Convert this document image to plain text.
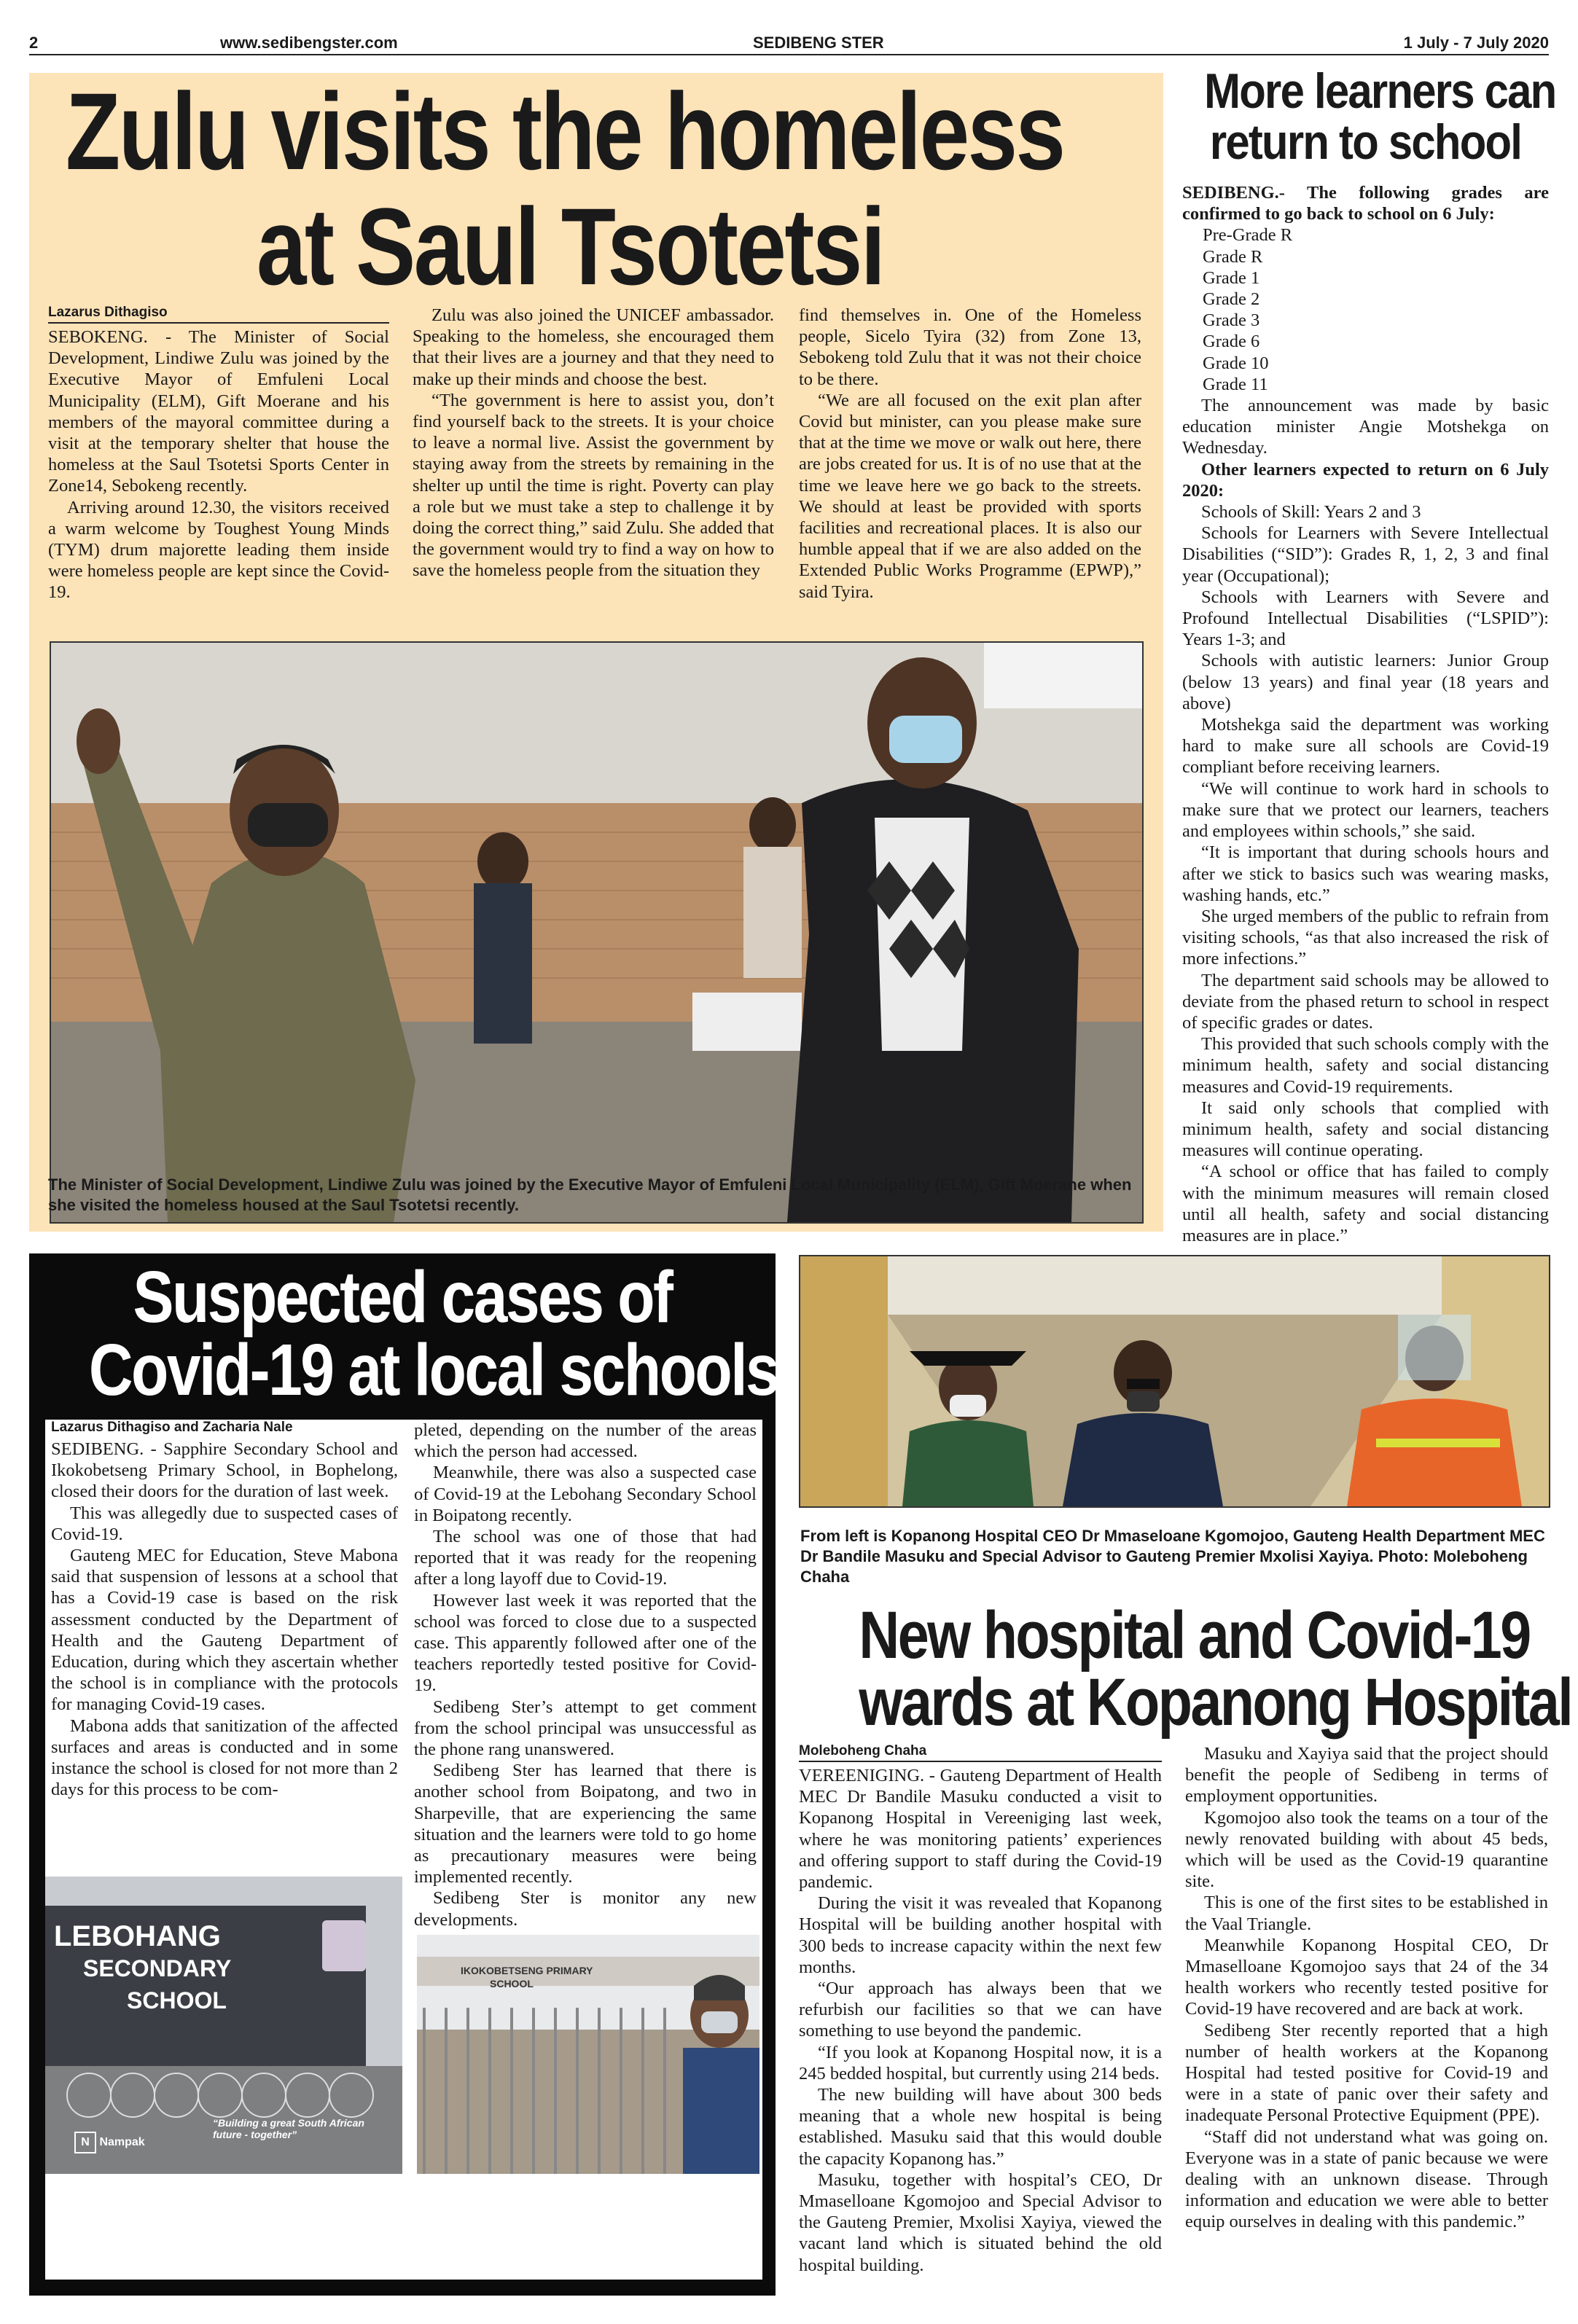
2	www.sedibengster.com	SEDIBENG STER	1 July - 7 July 2020
Zulu visits the homeless
at Saul Tsotetsi
Lazarus Dithagiso

SEBOKENG. - The Minister of Social Development, Lindiwe Zulu was joined by the Executive Mayor of Emfuleni Local Municipality (ELM), Gift Moerane and his members of the mayoral committee during a visit at the temporary shelter that house the homeless at the Saul Tsotetsi Sports Center in Zone14, Sebokeng recently.

Arriving around 12.30, the visitors received a warm welcome by Toughest Young Minds (TYM) drum majorette leading them inside were homeless people are kept since the Covid-19.

Zulu was also joined the UNICEF ambassador. Speaking to the homeless, she encouraged them that their lives are a journey and that they need to make up their minds and choose the best.

“The government is here to assist you, don’t find yourself back to the streets. It is your choice to leave a normal live. Assist the government by staying away from the streets by remaining in the shelter up until the time is right. Poverty can play a role but we must take a step to challenge it by doing the correct thing,” said Zulu. She added that the government would try to find a way on how to save the homeless people from the situation they

find themselves in. One of the Homeless people, Sicelo Tyira (32) from Zone 13, Sebokeng told Zulu that it was not their choice to be there.

“We are all focused on the exit plan after Covid but minister, can you please make sure that at the time we move or walk out here, there are jobs created for us. It is of no use that at the time we leave here we go back to the streets. We should at least be provided with sports facilities and recreational places. It is also our humble appeal that if we are also added on the Extended Public Works Programme (EPWP),” said Tyira.

The Minister of Social Development, Lindiwe Zulu was joined by the Executive Mayor of Emfuleni Local Municipality (ELM), Gift Moerane when she visited the homeless housed at the Saul Tsotetsi recently.
More learners can
return to school

SEDIBENG.- The following grades are confirmed to go back to school on 6 July:

Pre-Grade R
Grade R
Grade 1
Grade 2
Grade 3
Grade 6
Grade 10
Grade 11

The announcement was made by basic education minister Angie Motshekga on Wednesday.

Other learners expected to return on 6 July 2020:

Schools of Skill: Years 2 and 3

Schools for Learners with Severe Intellectual Disabilities (“SID”): Grades R, 1, 2, 3 and final year (Occupational);

Schools with Learners with Severe and Profound Intellectual Disabilities (“LSPID”): Years 1-3; and

Schools with autistic learners: Junior Group (below 13 years) and final year (18 years and above)

Motshekga said the department was working hard to make sure all schools are Covid-19 compliant before receiving learners.

“We will continue to work hard in schools to make sure that we protect our learners, teachers and employees within schools,” she said.

“It is important that during schools hours and after we stick to basics such was wearing masks, washing hands, etc.”

She urged members of the public to refrain from visiting schools, “as that also increased the risk of more infections.”

The department said schools may be allowed to deviate from the phased return to school in respect of specific grades or dates.

This provided that such schools comply with the minimum health, safety and social distancing measures and Covid-19 requirements.

It said only schools that complied with minimum health, safety and social distancing measures will continue operating.

“A school or office that has failed to comply with the minimum measures will remain closed until all health, safety and social distancing measures are in place.”

Suspected cases of
Covid-19 at local schools
Lazarus Dithagiso and Zacharia Nale

SEDIBENG. - Sapphire Secondary School and Ikokobetseng Primary School, in Bophelong, closed their doors for the duration of last week.

This was allegedly due to suspected cases of Covid-19.

Gauteng MEC for Education, Steve Mabona said that suspension of lessons at a school that has a Covid-19 case is based on the risk assessment conducted by the Department of Health and the Gauteng Department of Education, during which they ascertain whether the school is in compliance with the protocols for managing Covid-19 cases.

Mabona adds that sanitization of the affected surfaces and areas is conducted and in some instance the school is closed for not more than 2 days for this process to be com-

pleted, depending on the number of the areas which the person had accessed.

Meanwhile, there was also a suspected case of Covid-19 at the Lebohang Secondary School in Boipatong recently.

The school was one of those that had reported that it was ready for the reopening after a long layoff due to Covid-19.

However last week it was reported that the school was forced to close due to a suspected case. This apparently followed after one of the teachers reportedly tested positive for Covid-19.

Sedibeng Ster’s attempt to get comment from the school principal was unsuccessful as the phone rang unanswered.

Sedibeng Ster has learned that there is another school from Boipatong, and two in Sharpeville, that are experiencing the same situation and the learners were told to go home as precautionary measures were being implemented recently.

Sedibeng Ster is monitor any new developments.

LEBOHANG
SECONDARY
SCHOOL
“Building a great South African future - together”
N Nampak
There was a suspected case of Covid-19 at Lebohang Secondary School in Boipatong recently. Photo: Zachari Nale
IKOKOBETSENG PRIMARY
SCHOOL
Ikokobetseng Primary School in Bophelong was closed for the whole of last week. Photo: Lazarus Dithagiso
From left is Kopanong Hospital CEO Dr Mmaseloane Kgomojoo, Gauteng Health Department MEC Dr Bandile Masuku and Special Advisor to Gauteng Premier Mxolisi Xayiya. Photo: Moleboheng Chaha
New hospital and Covid-19
wards at Kopanong Hospital
Moleboheng Chaha

VEREENIGING. - Gauteng Department of Health MEC Dr Bandile Masuku conducted a visit to Kopanong Hospital in Vereeniging last week, where he was monitoring patients’ experiences and offering support to staff during the Covid-19 pandemic.

During the visit it was revealed that Kopanong Hospital will be building another hospital with 300 beds to increase capacity within the next few months.

“Our approach has always been that we refurbish our facilities so that we can have something to use beyond the pandemic.

“If you look at Kopanong Hospital now, it is a 245 bedded hospital, but currently using 214 beds.

The new building will have about 300 beds meaning that a whole new hospital is being established. Masuku said that this would double the capacity Kopanong has.”

Masuku, together with hospital’s CEO, Dr Mmaselloane Kgomojoo and Special Advisor to the Gauteng Premier, Mxolisi Xayiya, viewed the vacant land which is situated behind the old hospital building.

Masuku and Xayiya said that the project should benefit the people of Sedibeng in terms of employment opportunities.

Kgomojoo also took the teams on a tour of the newly renovated building with about 45 beds, which will be used as the Covid-19 quarantine site.

This is one of the first sites to be established in the Vaal Triangle.

Meanwhile Kopanong Hospital CEO, Dr Mmaselloane Kgomojoo says that 24 of the 34 health workers who recently tested positive for Covid-19 have recovered and are back at work.

Sedibeng Ster recently reported that a high number of health workers at the Kopanong Hospital had tested positive for Covid-19 and were in a state of panic over their safety and inadequate Personal Protective Equipment (PPE).

“Staff did not understand what was going on. Everyone was in a state of panic because we were dealing with an unknown disease. Through information and education we were able to better equip ourselves in dealing with this pandemic.”
